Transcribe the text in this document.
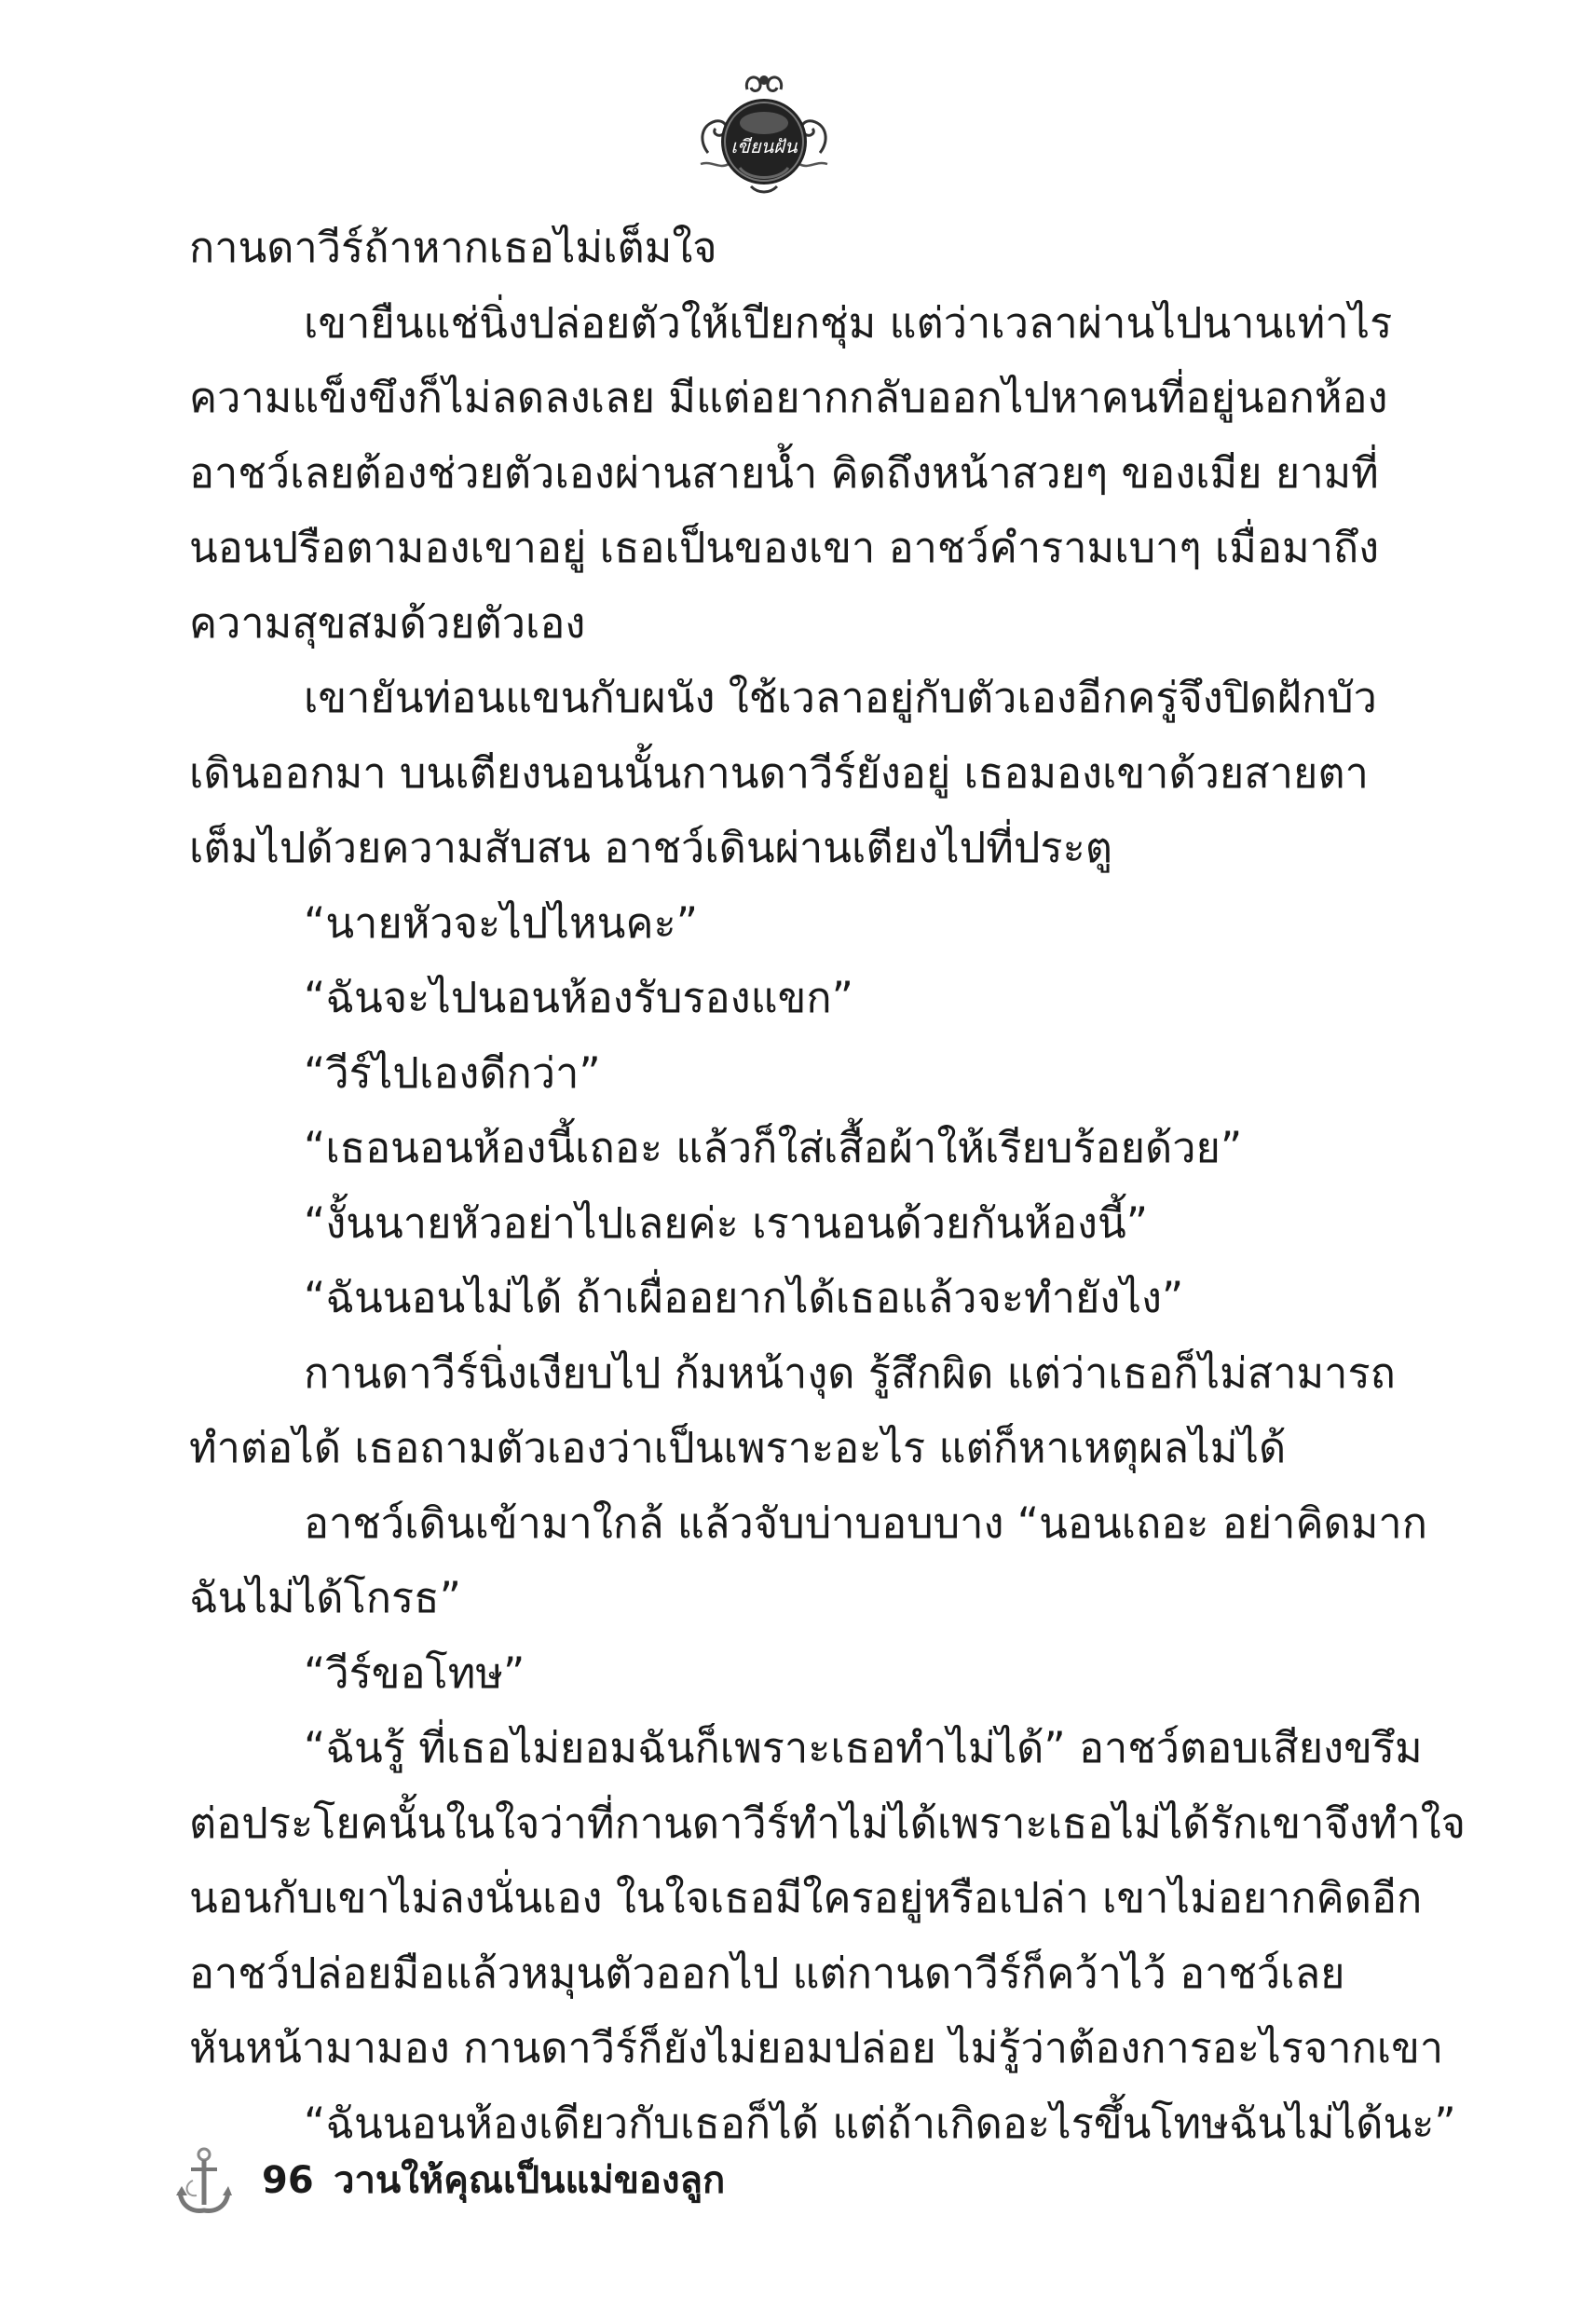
เขียนฝัน
กานดาวีร์ถ้าหากเธอไม่เต็มใจ
เขายืนแช่นิ่งปล่อยตัวให้เปียกชุ่ม แต่ว่าเวลาผ่านไปนานเท่าไร
ความแข็งขึงก็ไม่ลดลงเลย มีแต่อยากกลับออกไปหาคนที่อยู่นอกห้อง
อาชว์เลยต้องช่วยตัวเองผ่านสายน้ำ คิดถึงหน้าสวยๆ ของเมีย ยามที่
นอนปรือตามองเขาอยู่ เธอเป็นของเขา อาชว์คำรามเบาๆ เมื่อมาถึง
ความสุขสมด้วยตัวเอง
เขายันท่อนแขนกับผนัง ใช้เวลาอยู่กับตัวเองอีกครู่จึงปิดฝักบัว
เดินออกมา บนเตียงนอนนั้นกานดาวีร์ยังอยู่ เธอมองเขาด้วยสายตา
เต็มไปด้วยความสับสน อาชว์เดินผ่านเตียงไปที่ประตู
“นายหัวจะไปไหนคะ”
“ฉันจะไปนอนห้องรับรองแขก”
“วีร์ไปเองดีกว่า”
“เธอนอนห้องนี้เถอะ แล้วก็ใส่เสื้อผ้าให้เรียบร้อยด้วย”
“งั้นนายหัวอย่าไปเลยค่ะ เรานอนด้วยกันห้องนี้”
“ฉันนอนไม่ได้ ถ้าเผื่ออยากได้เธอแล้วจะทำยังไง”
กานดาวีร์นิ่งเงียบไป ก้มหน้างุด รู้สึกผิด แต่ว่าเธอก็ไม่สามารถ
ทำต่อได้ เธอถามตัวเองว่าเป็นเพราะอะไร แต่ก็หาเหตุผลไม่ได้
อาชว์เดินเข้ามาใกล้ แล้วจับบ่าบอบบาง “นอนเถอะ อย่าคิดมาก
ฉันไม่ได้โกรธ”
“วีร์ขอโทษ”
“ฉันรู้ ที่เธอไม่ยอมฉันก็เพราะเธอทำไม่ได้” อาชว์ตอบเสียงขรึม
ต่อประโยคนั้นในใจว่าที่กานดาวีร์ทำไม่ได้เพราะเธอไม่ได้รักเขาจึงทำใจ
นอนกับเขาไม่ลงนั่นเอง ในใจเธอมีใครอยู่หรือเปล่า เขาไม่อยากคิดอีก
อาชว์ปล่อยมือแล้วหมุนตัวออกไป แต่กานดาวีร์ก็คว้าไว้ อาชว์เลย
หันหน้ามามอง กานดาวีร์ก็ยังไม่ยอมปล่อย ไม่รู้ว่าต้องการอะไรจากเขา
“ฉันนอนห้องเดียวกับเธอก็ได้ แต่ถ้าเกิดอะไรขึ้นโทษฉันไม่ได้นะ”
96 วานให้คุณเป็นแม่ของลูก
